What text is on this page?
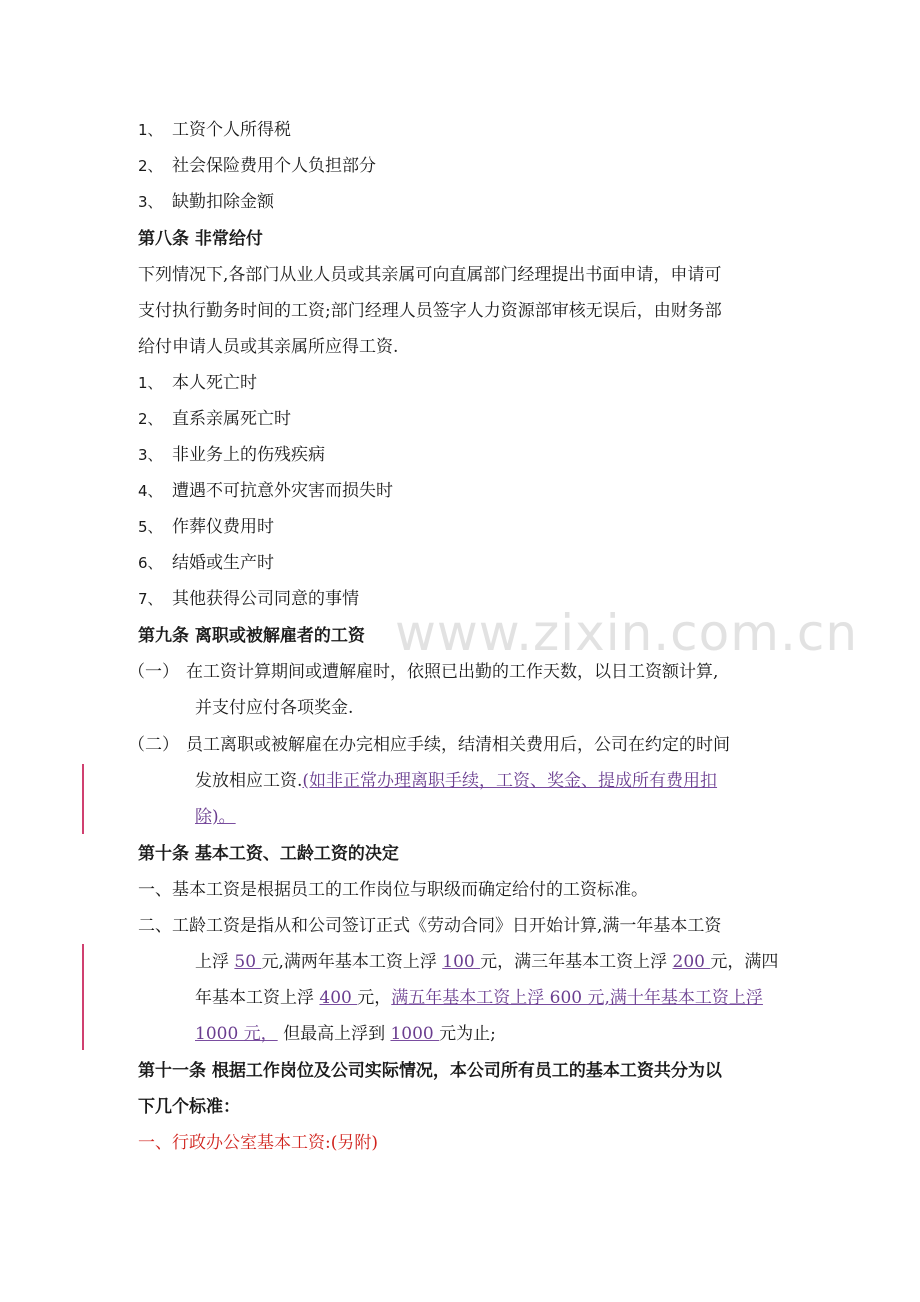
www.zixin.com.cn
1、 工资个人所得税
2、 社会保险费用个人负担部分
3、 缺勤扣除金额
第八条 非常给付
下列情况下,各部门从业人员或其亲属可向直属部门经理提出书面申请，申请可
支付执行勤务时间的工资;部门经理人员签字人力资源部审核无误后，由财务部
给付申请人员或其亲属所应得工资.
1、 本人死亡时
2、 直系亲属死亡时
3、 非业务上的伤残疾病
4、 遭遇不可抗意外灾害而损失时
5、 作葬仪费用时
6、 结婚或生产时
7、 其他获得公司同意的事情
第九条 离职或被解雇者的工资
（一） 在工资计算期间或遭解雇时，依照已出勤的工作天数，以日工资额计算,
并支付应付各项奖金.
（二） 员工离职或被解雇在办完相应手续，结清相关费用后，公司在约定的时间
发放相应工资.(如非正常办理离职手续，工资、奖金、提成所有费用扣
除)。
第十条 基本工资、工龄工资的决定
一、基本工资是根据员工的工作岗位与职级而确定给付的工资标准。
二、工龄工资是指从和公司签订正式《劳动合同》日开始计算,满一年基本工资
上浮 50 元,满两年基本工资上浮 100 元，满三年基本工资上浮 200 元，满四
年基本工资上浮 400 元，满五年基本工资上浮 600 元,满十年基本工资上浮
1000 元， 但最高上浮到 1000 元为止;
第十一条 根据工作岗位及公司实际情况，本公司所有员工的基本工资共分为以
下几个标准：
一、行政办公室基本工资:(另附)
